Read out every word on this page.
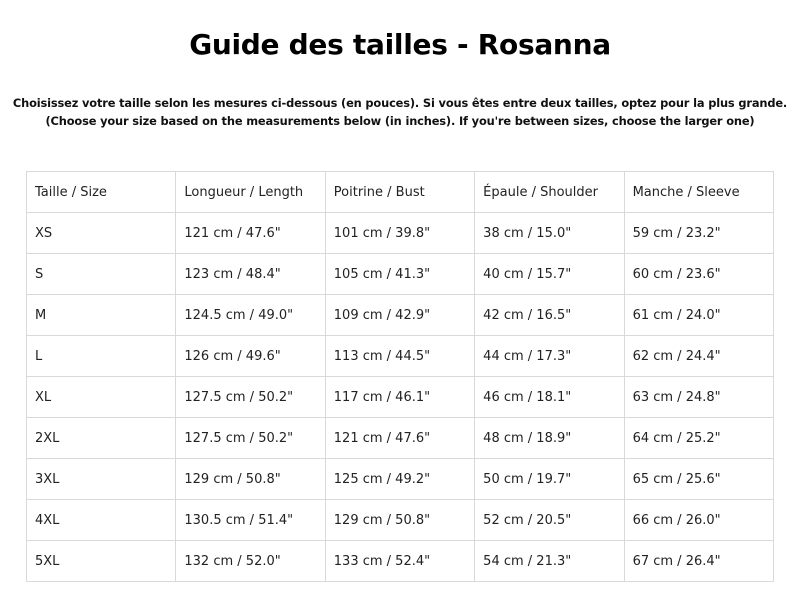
Guide des tailles - Rosanna
Choisissez votre taille selon les mesures ci-dessous (en pouces). Si vous êtes entre deux tailles, optez pour la plus grande.
(Choose your size based on the measurements below (in inches). If you're between sizes, choose the larger one)
Taille / Size	Longueur / Length	Poitrine / Bust	Épaule / Shoulder	Manche / Sleeve
XS	121 cm / 47.6"	101 cm / 39.8"	38 cm / 15.0"	59 cm / 23.2"
S	123 cm / 48.4"	105 cm / 41.3"	40 cm / 15.7"	60 cm / 23.6"
M	124.5 cm / 49.0"	109 cm / 42.9"	42 cm / 16.5"	61 cm / 24.0"
L	126 cm / 49.6"	113 cm / 44.5"	44 cm / 17.3"	62 cm / 24.4"
XL	127.5 cm / 50.2"	117 cm / 46.1"	46 cm / 18.1"	63 cm / 24.8"
2XL	127.5 cm / 50.2"	121 cm / 47.6"	48 cm / 18.9"	64 cm / 25.2"
3XL	129 cm / 50.8"	125 cm / 49.2"	50 cm / 19.7"	65 cm / 25.6"
4XL	130.5 cm / 51.4"	129 cm / 50.8"	52 cm / 20.5"	66 cm / 26.0"
5XL	132 cm / 52.0"	133 cm / 52.4"	54 cm / 21.3"	67 cm / 26.4"
